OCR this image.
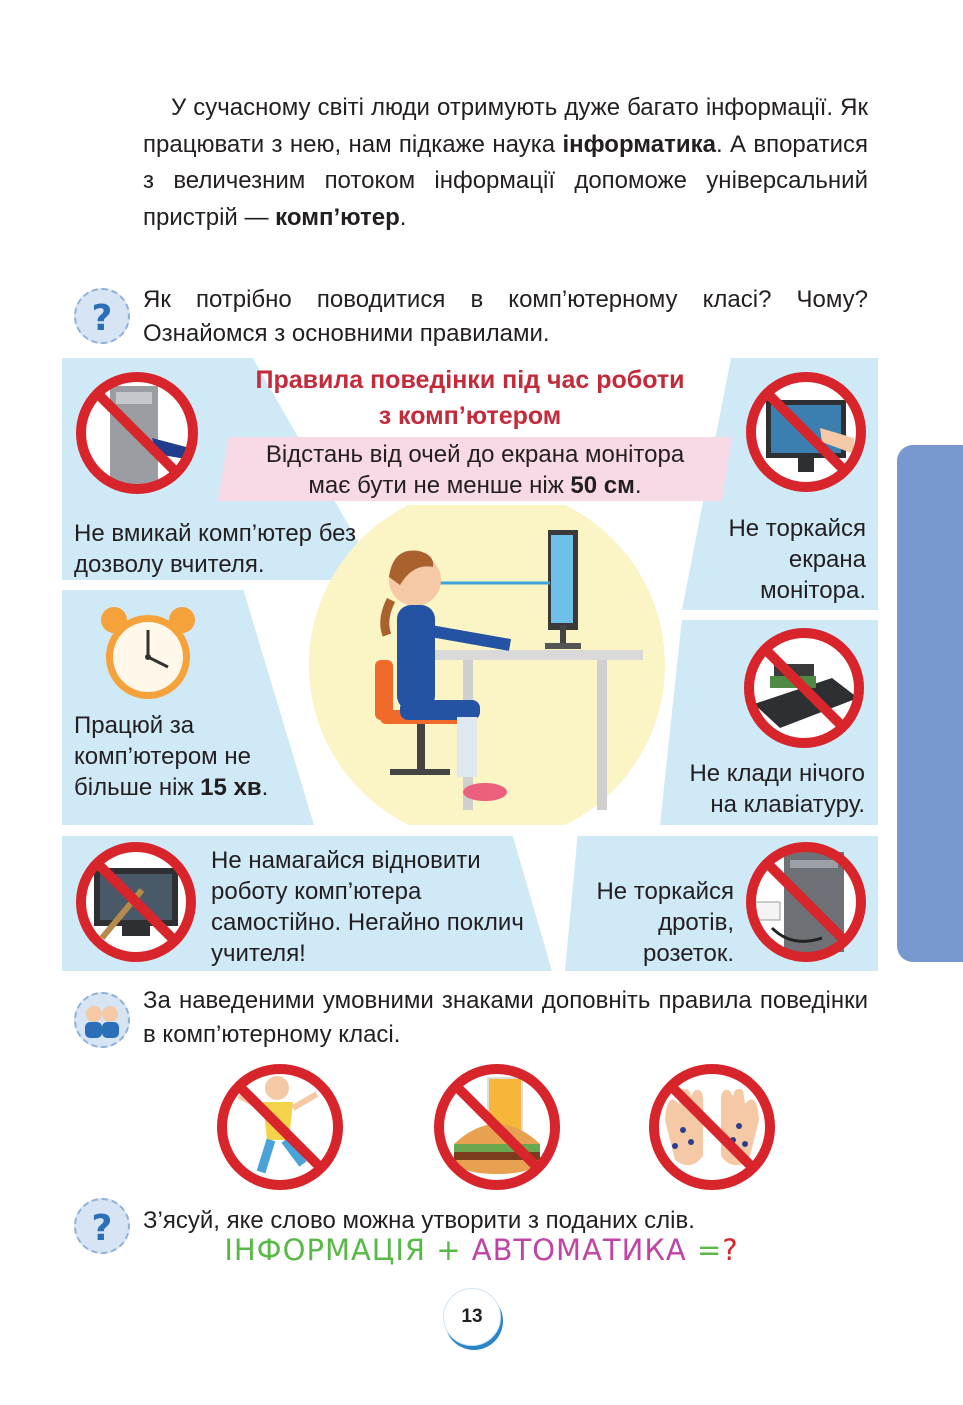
У сучасному світі люди отримують дуже багато інформації. Як працювати з нею, нам підкаже наука інформатика. А впоратися з величезним потоком інформації допоможе універсальний пристрій — комп’ютер.

? Як потрібно поводитися в комп’ютерному класі? Чому? Ознайомся з основними правилами.
Правила поведінки під час роботи
з комп’ютером
Відстань від очей до екрана монітора
має бути не менше ніж 50 см.
Не вмикай комп’ютер без дозволу вчителя.
Не торкайся екрана монітора.
Працюй за комп’ютером не більше ніж 15 хв.
Не клади нічого на клавіатуру.
Не намагайся відновити роботу комп’ютера самостійно. Негайно поклич учителя!
Не торкайся дротів, розеток.
За наведеними умовними знаками доповніть правила поведінки в комп’ютерному класі.
? З’ясуй, яке слово можна утворити з поданих слів.
ІНФОРМАЦІЯ + АВТОМАТИКА =?
13
